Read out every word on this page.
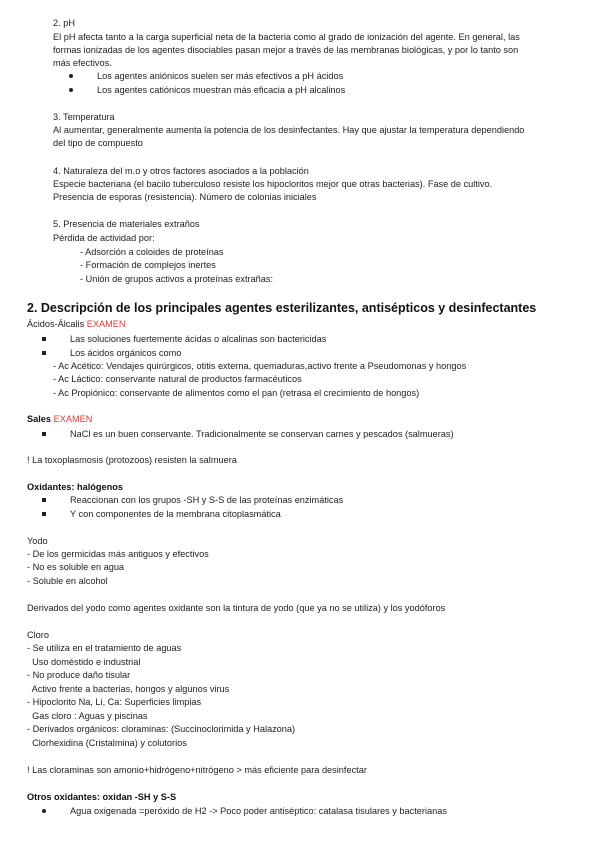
2. pH
El pH afecta tanto a la carga superficial neta de la bacteria como al grado de ionización del agente. En general, las
formas ionizadas de los agentes disociables pasan mejor a través de las membranas biológicas, y por lo tanto son
más efectivos.
Los agentes aniónicos suelen ser más efectivos a pH ácidos
Los agentes catiónicos muestran más eficacia a pH alcalinos
3. Temperatura
Al aumentar, generalmente aumenta la potencia de los desinfectantes. Hay que ajustar la temperatura dependiendo
del tipo de compuesto
4. Naturaleza del m.o y otros factores asociados a la población
Especie bacteriana (el bacilo tuberculoso resiste los hipocloritos mejor que otras bacterias). Fase de cultivo.
Presencia de esporas (resistencia). Número de colonias iniciales
5. Presencia de materiales extraños
Pérdida de actividad por:
- Adsorción a coloides de proteínas
- Formación de complejos inertes
- Unión de grupos activos a proteínas extrañas:
2. Descripción de los principales agentes esterilizantes, antisépticos y desinfectantes
Ácidos-Álcalis EXAMEN
Las soluciones fuertemente ácidas o alcalinas son bactericidas
Los ácidos orgánicos como
- Ac Acético: Vendajes quirúrgicos, otitis externa, quemaduras,activo frente a Pseudomonas y hongos
- Ac Láctico: conservante natural de productos farmacéuticos
- Ac Propiónico: conservante de alimentos como el pan (retrasa el crecimiento de hongos)
Sales EXAMEN
NaCl es un buen conservante. Tradicionalmente se conservan carnes y pescados (salmueras)
! La toxoplasmosis (protozoos) resisten la salmuera
Oxidantes: halógenos
Reaccionan con los grupos -SH y S-S de las proteínas enzimáticas
Y con componentes de la membrana citoplasmática
Yodo
- De los germicidas más antiguos y efectivos
- No es soluble en agua
- Soluble en alcohol
Derivados del yodo como agentes oxidante son la tintura de yodo (que ya no se utiliza) y los yodóforos
Cloro
- Se utiliza en el tratamiento de aguas
Uso doméstido e industrial
- No produce daño tisular
Activo frente a bacterias, hongos y algunos virus
- Hipoclorito Na, Li, Ca: Superficies limpias
Gas cloro : Aguas y piscinas
- Derivados orgánicos: cloraminas: (Succinoclorimida y Halazona)
Clorhexidina (Cristalmina) y colutorios
! Las cloraminas son amonio+hidrógeno+nitrógeno > más eficiente para desinfectar
Otros oxidantes: oxidan -SH y S-S
Agua oxigenada =peróxido de H2 -> Poco poder antiséptico: catalasa tisulares y bacterianas
